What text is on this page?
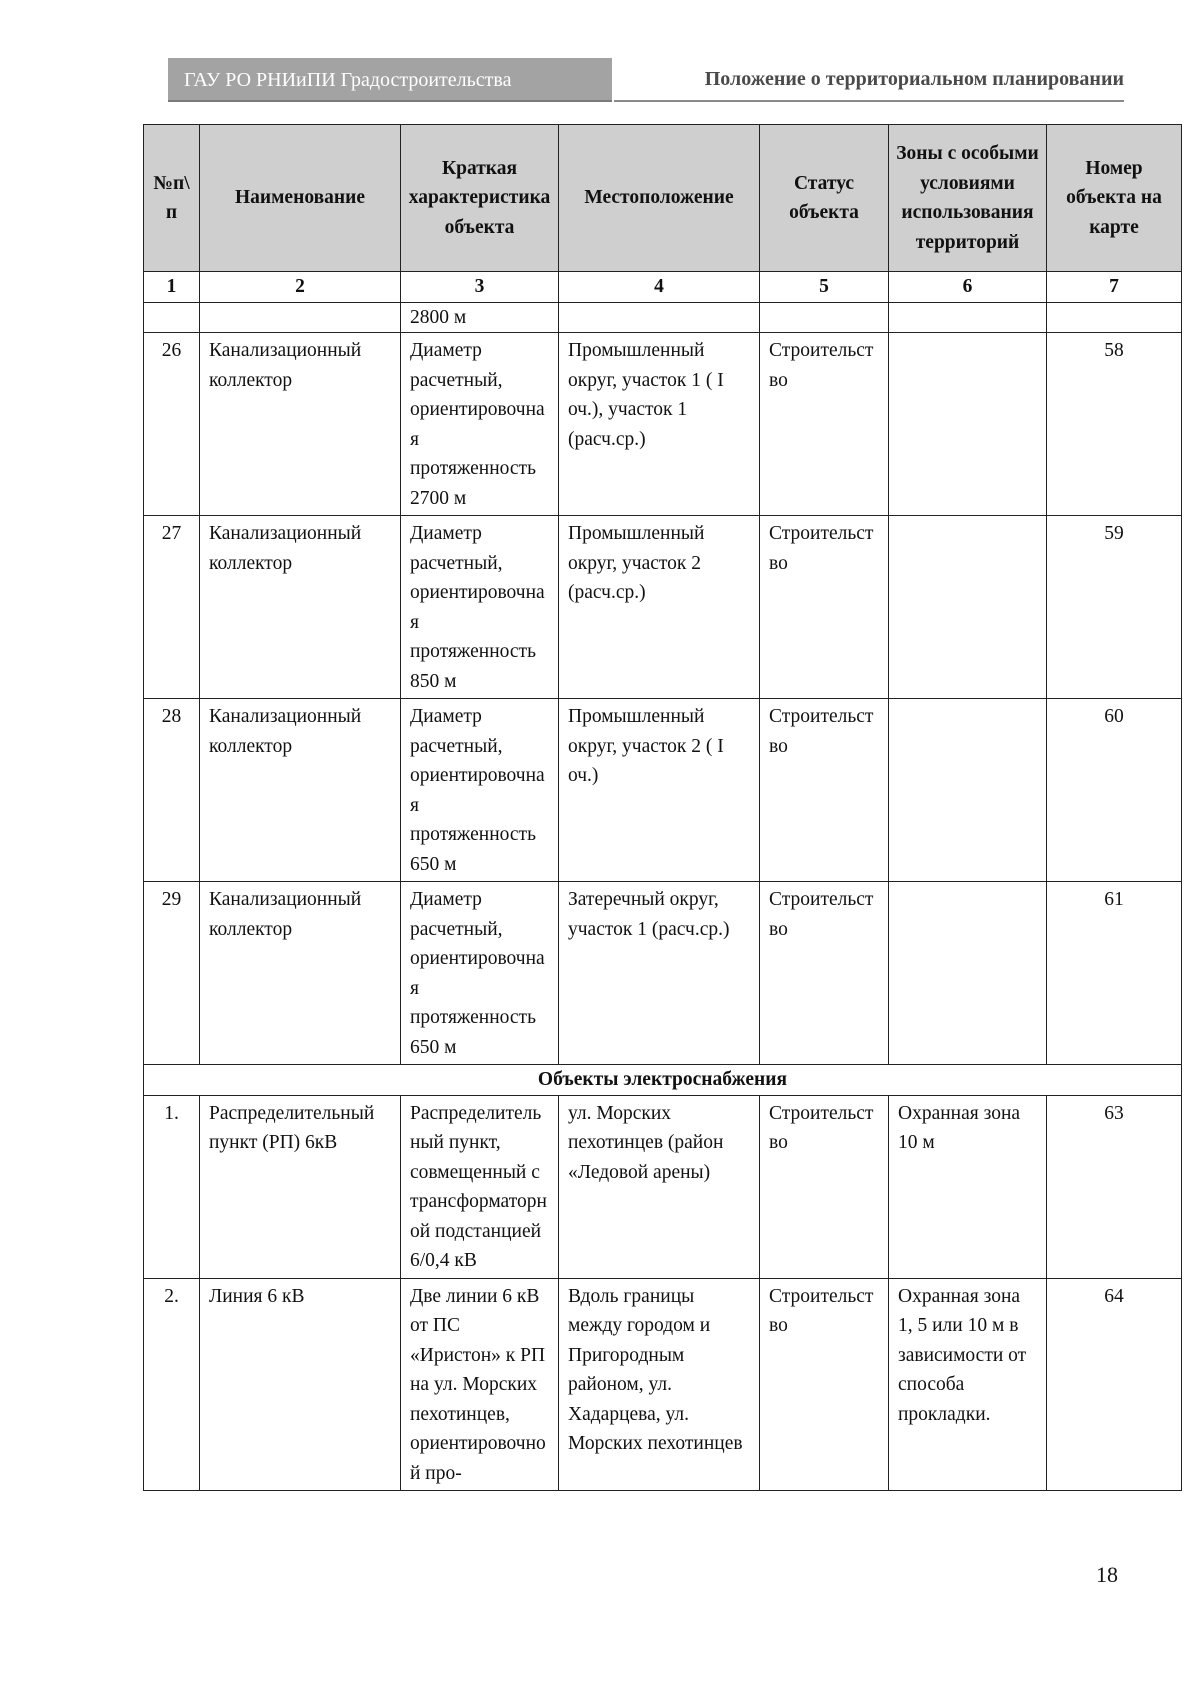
ГАУ РО РНИиПИ Градостроительства	Положение о территориальном планировании
№п\п	Наименование	Краткая характеристика объекта	Местоположение	Статус объекта	Зоны с особыми условиями использования территорий	Номер объекта на карте
1	2	3	4	5	6	7
		2800 м				
26	Канализационный коллектор	Диаметр расчетный, ориентировочная протяженность 2700 м	Промышленный округ, участок 1 ( I оч.), участок 1 (расч.ср.)	Строительство		58
27	Канализационный коллектор	Диаметр расчетный, ориентировочная протяженность 850 м	Промышленный округ, участок 2 (расч.ср.)	Строительство		59
28	Канализационный коллектор	Диаметр расчетный, ориентировочная протяженность 650 м	Промышленный округ, участок 2 ( I оч.)	Строительство		60
29	Канализационный коллектор	Диаметр расчетный, ориентировочная протяженность 650 м	Затеречный округ, участок 1 (расч.ср.)	Строительство		61
Объекты электроснабжения						
1.	Распределительный пункт (РП) 6кВ	Распределительный пункт, совмещенный с трансформаторной подстанцией 6/0,4 кВ	ул. Морских пехотинцев (район «Ледовой арены)	Строительство	Охранная зона 10 м	63
2.	Линия 6 кВ	Две линии 6 кВ от ПС «Иристон» к РП на ул. Морских пехотинцев, ориентировочной про-	Вдоль границы между городом и Пригородным районом, ул. Хадарцева, ул. Морских пехотинцев	Строительство	Охранная зона 1, 5 или 10 м в зависимости от способа прокладки.	64
18
